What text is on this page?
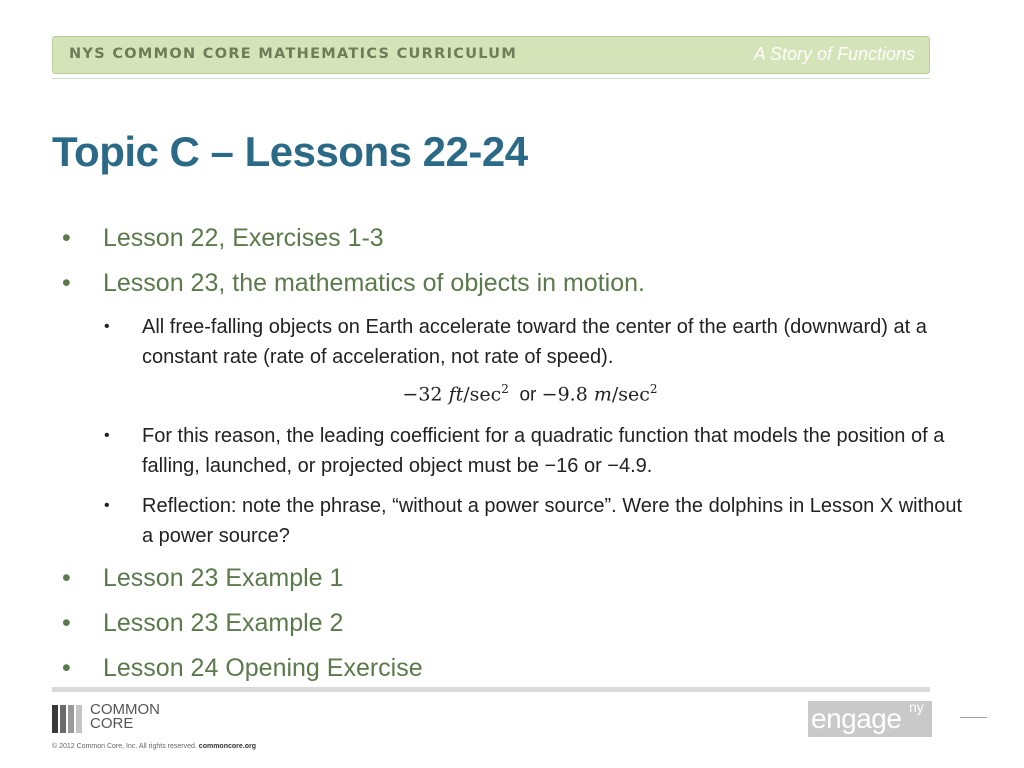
NYS COMMON CORE MATHEMATICS CURRICULUM	A Story of Functions
Topic C – Lessons 22-24
• Lesson 22, Exercises 1-3
• Lesson 23, the mathematics of objects in motion.
• All free-falling objects on Earth accelerate toward the center of the earth (downward) at a constant rate (rate of acceleration, not rate of speed).
−32 $ft/\sec^2$  or −9.8 $m/\sec^2$
• For this reason, the leading coefficient for a quadratic function that models the position of a falling, launched, or projected object must be −16 or −4.9.
• Reflection: note the phrase, “without a power source”. Were the dolphins in Lesson X without a power source?
• Lesson 23 Example 1
• Lesson 23 Example 2
• Lesson 24 Opening Exercise
COMMON
CORE
© 2012 Common Core, Inc. All rights reserved. commoncore.org
engage ny
